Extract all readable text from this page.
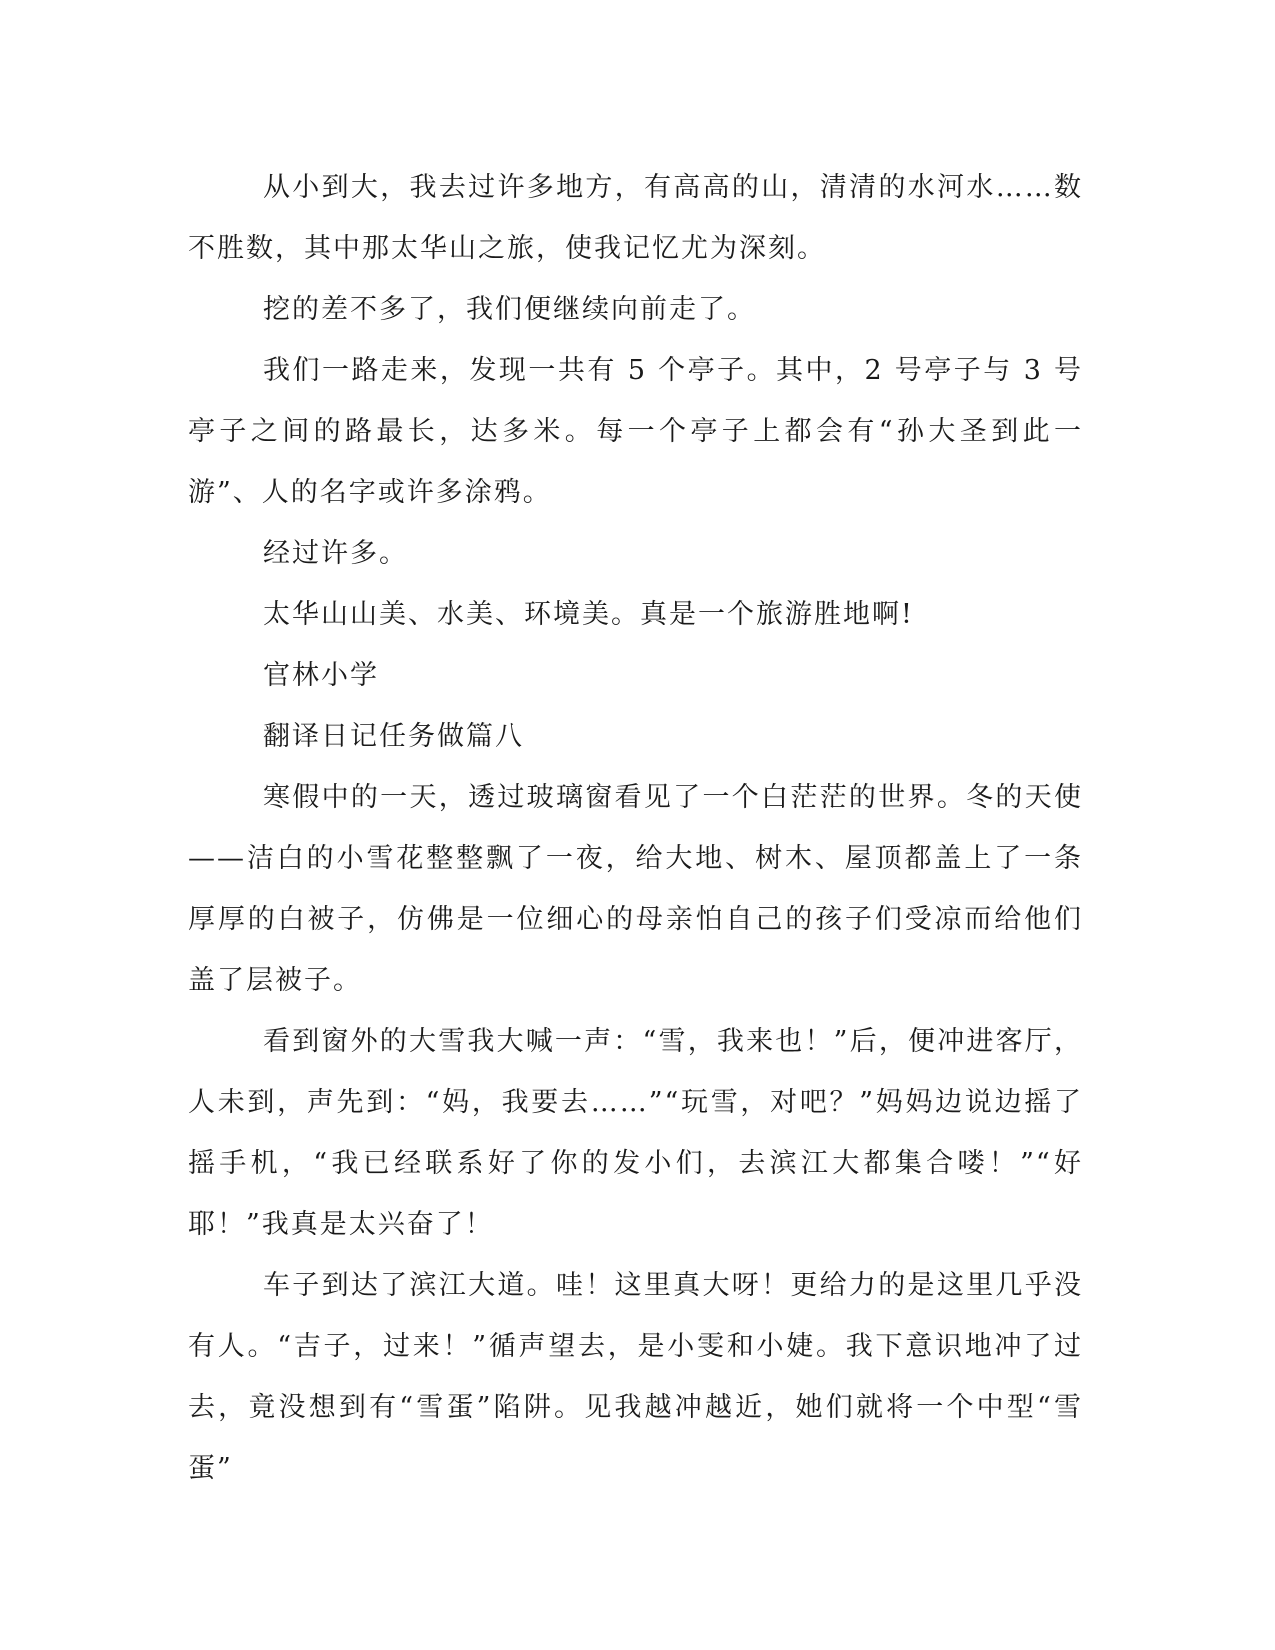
从小到大，我去过许多地方，有高高的山，清清的水河水……数不胜数，其中那太华山之旅，使我记忆尤为深刻。

挖的差不多了，我们便继续向前走了。

我们一路走来，发现一共有 5 个亭子。其中，2 号亭子与 3 号亭子之间的路最长，达多米。每一个亭子上都会有“孙大圣到此一游”、人的名字或许多涂鸦。

经过许多。

太华山山美、水美、环境美。真是一个旅游胜地啊!

官林小学

翻译日记任务做篇八

寒假中的一天，透过玻璃窗看见了一个白茫茫的世界。冬的天使——洁白的小雪花整整飘了一夜，给大地、树木、屋顶都盖上了一条厚厚的白被子，仿佛是一位细心的母亲怕自己的孩子们受凉而给他们盖了层被子。

看到窗外的大雪我大喊一声：“雪，我来也！”后，便冲进客厅，人未到，声先到：“妈，我要去……”“玩雪，对吧？”妈妈边说边摇了摇手机，“我已经联系好了你的发小们，去滨江大都集合喽！”“好耶！”我真是太兴奋了！

车子到达了滨江大道。哇！这里真大呀！更给力的是这里几乎没有人。“吉子，过来！”循声望去，是小雯和小婕。我下意识地冲了过去，竟没想到有“雪蛋”陷阱。见我越冲越近，她们就将一个中型“雪蛋”
